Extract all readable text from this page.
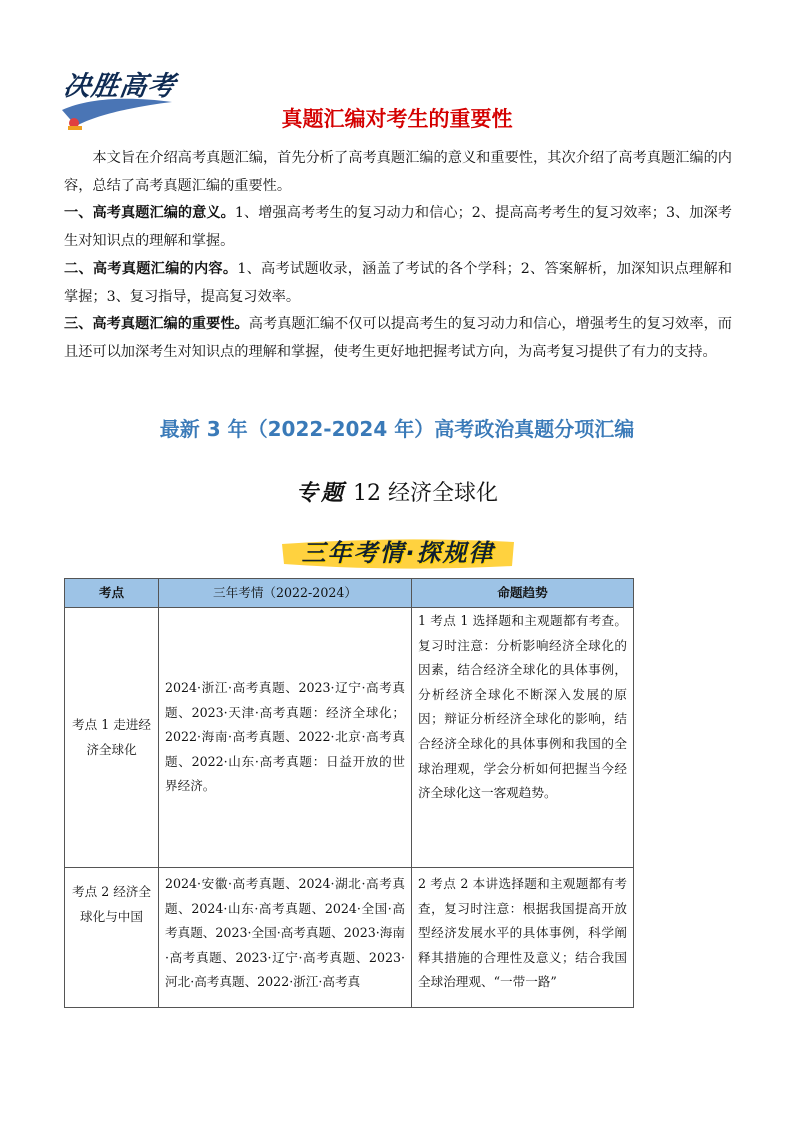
决胜高考
真题汇编对考生的重要性
本文旨在介绍高考真题汇编，首先分析了高考真题汇编的意义和重要性，其次介绍了高考真题汇编的内容，总结了高考真题汇编的重要性。
一、高考真题汇编的意义。1、增强高考考生的复习动力和信心；2、提高高考考生的复习效率；3、加深考生对知识点的理解和掌握。
二、高考真题汇编的内容。1、高考试题收录，涵盖了考试的各个学科；2、答案解析，加深知识点理解和掌握；3、复习指导，提高复习效率。
三、高考真题汇编的重要性。高考真题汇编不仅可以提高考生的复习动力和信心，增强考生的复习效率，而且还可以加深考生对知识点的理解和掌握，使考生更好地把握考试方向，为高考复习提供了有力的支持。
最新 3 年（2022-2024 年）高考政治真题分项汇编
专题 12 经济全球化
三年考情·探规律
考点	三年考情（2022-2024）	命题趋势
考点 1 走进经济全球化	2024·浙江·高考真题、2023·辽宁·高考真题、2023·天津·高考真题：经济全球化；2022·海南·高考真题、2022·北京·高考真题、2022·山东·高考真题：日益开放的世界经济。	1 考点 1 选择题和主观题都有考查。复习时注意：分析影响经济全球化的因素，结合经济全球化的具体事例，分析经济全球化不断深入发展的原因；辩证分析经济全球化的影响，结合经济全球化的具体事例和我国的全球治理观，学会分析如何把握当今经济全球化这一客观趋势。
考点 2 经济全球化与中国	2024·安徽·高考真题、2024·湖北·高考真题、2024·山东·高考真题、2024·全国·高考真题、2023·全国·高考真题、2023·海南·高考真题、2023·辽宁·高考真题、2023·河北·高考真题、2022·浙江·高考真	2 考点 2 本讲选择题和主观题都有考查，复习时注意：根据我国提高开放型经济发展水平的具体事例，科学阐释其措施的合理性及意义；结合我国全球治理观、“一带一路”
